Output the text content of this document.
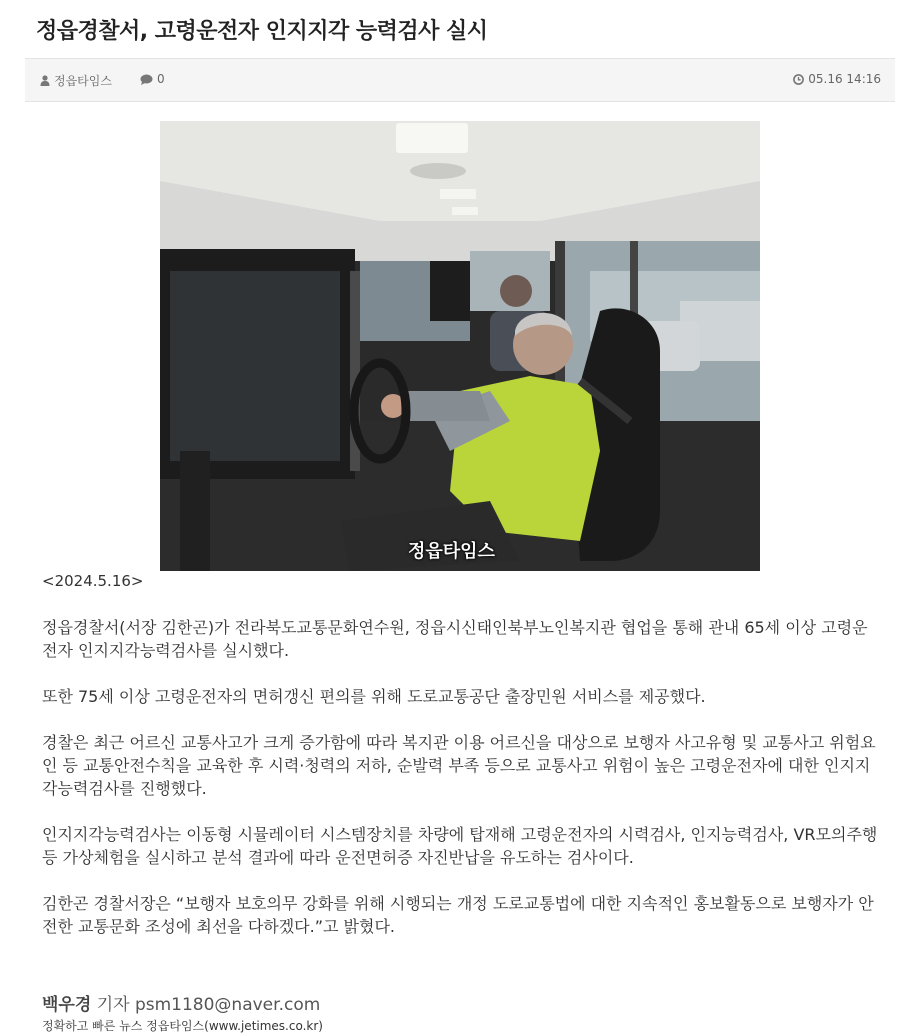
정읍경찰서, 고령운전자 인지지각 능력검사 실시
정읍타임스	0	05.16 14:16
정읍타임스
<2024.5.16>

정읍경찰서(서장 김한곤)가 전라북도교통문화연수원, 정읍시신태인북부노인복지관 협업을 통해 관내 65세 이상 고령운전자 인지지각능력검사를 실시했다.

또한 75세 이상 고령운전자의 면허갱신 편의를 위해 도로교통공단 출장민원 서비스를 제공했다.

경찰은 최근 어르신 교통사고가 크게 증가함에 따라 복지관 이용 어르신을 대상으로 보행자 사고유형 및 교통사고 위험요인 등 교통안전수칙을 교육한 후 시력·청력의 저하, 순발력 부족 등으로 교통사고 위험이 높은 고령운전자에 대한 인지지각능력검사를 진행했다.

인지지각능력검사는 이동형 시뮬레이터 시스템장치를 차량에 탑재해 고령운전자의 시력검사, 인지능력검사, VR모의주행 등 가상체험을 실시하고 분석 결과에 따라 운전면허증 자진반납을 유도하는 검사이다.

김한곤 경찰서장은 “보행자 보호의무 강화를 위해 시행되는 개정 도로교통법에 대한 지속적인 홍보활동으로 보행자가 안전한 교통문화 조성에 최선을 다하겠다.”고 밝혔다.

백우경 기자 psm1180@naver.com
정확하고 빠른 뉴스 정읍타임스(www.jetimes.co.kr)
